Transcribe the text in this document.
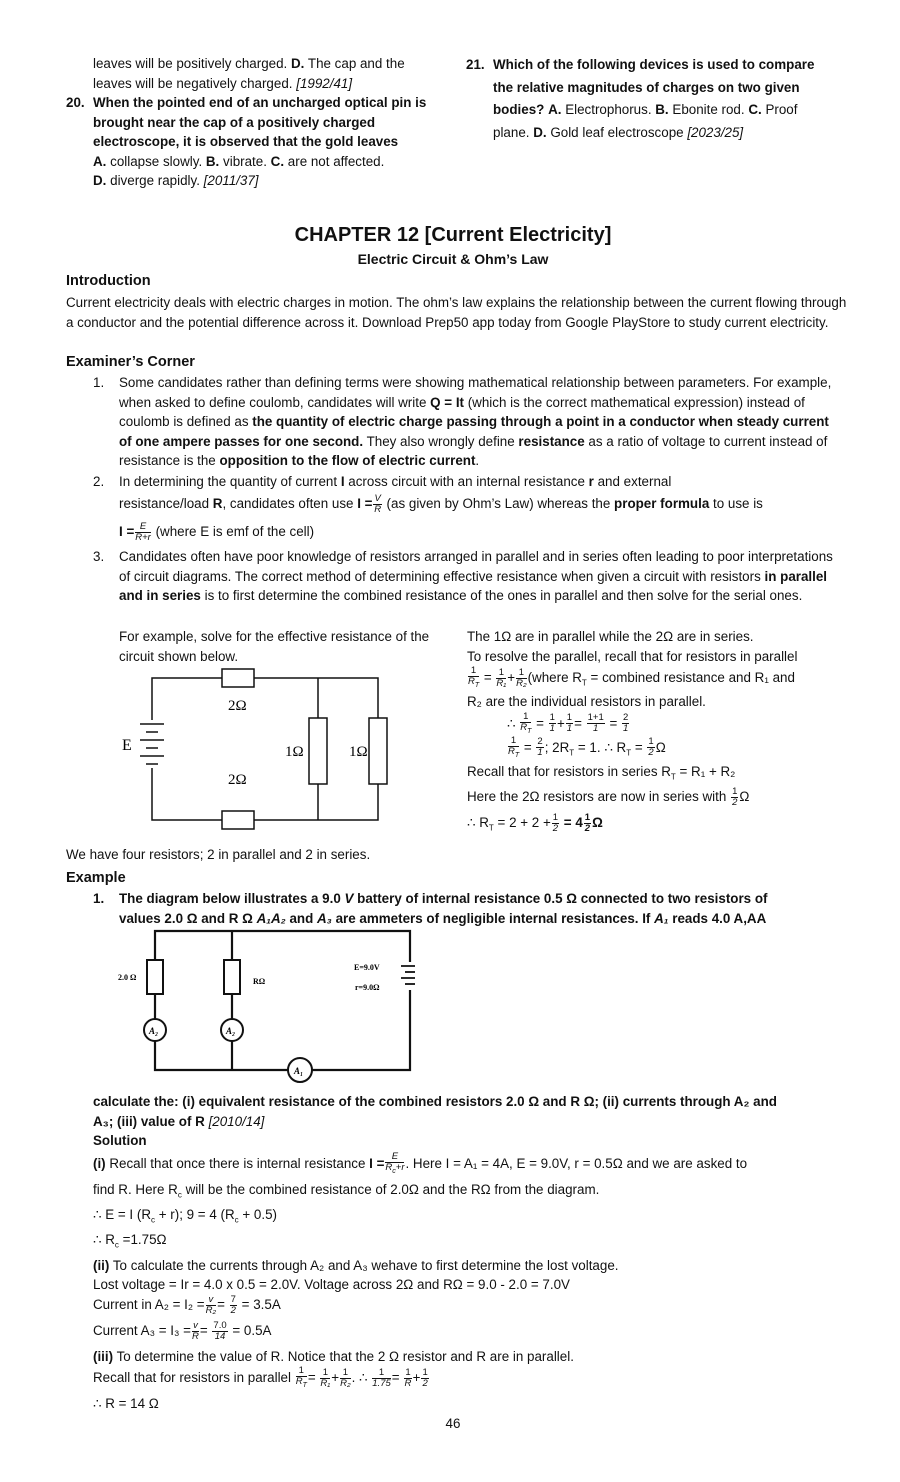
leaves will be positively charged. D. The cap and the
leaves will be negatively charged. [1992/41]

20. When the pointed end of an uncharged optical pin is brought near the cap of a positively charged electroscope, it is observed that the gold leaves
A. collapse slowly. B. vibrate. C. are not affected.
D. diverge rapidly. [2011/37]

21. Which of the following devices is used to compare the relative magnitudes of charges on two given bodies? A. Electrophorus. B. Ebonite rod. C. Proof plane. D. Gold leaf electroscope [2023/25]

CHAPTER 12 [Current Electricity]
Electric Circuit & Ohm’s Law
Introduction
Current electricity deals with electric charges in motion. The ohm’s law explains the relationship between the current flowing through a conductor and the potential difference across it. Download Prep50 app today from Google PlayStore to study current electricity.
Examiner’s Corner
1.	Some candidates rather than defining terms were showing mathematical relationship between parameters. For example, when asked to define coulomb, candidates will write Q = It (which is the correct mathematical expression) instead of coulomb is defined as the quantity of electric charge passing through a point in a conductor when steady current of one ampere passes for one second. They also wrongly define resistance as a ratio of voltage to current instead of resistance is the opposition to the flow of electric current.

2. In determining the quantity of current I across circuit with an internal resistance r and external
resistance/load R, candidates often use $I = \frac{V}{R} (as$ given by Ohm’s Law) whereas the proper formula to use is
$I = \frac{E}{R+r}$ (where E is emf of the cell)
3.	Candidates often have poor knowledge of resistors arranged in parallel and in series often leading to poor interpretations of circuit diagrams. The correct method of determining effective resistance when given a circuit with resistors in parallel and in series is to first determine the combined resistance of the ones in parallel and then solve for the serial ones.

For example, solve for the effective resistance of the circuit shown below.
E
2Ω
2Ω
1Ω	1Ω
We have four resistors; 2 in parallel and 2 in series.
The 1Ω are in parallel while the 2Ω are in series.
To resolve the parallel, recall that for resistors in parallel
$\frac{1}{R_T} = \frac{1}{\text{R₁}} + \frac{1}{\text{R₂}}$ (where $R_T$ = combined resistance and R₁ and
R₂ are the individual resistors in parallel.
∴ $\frac{1}{R_T} = \frac{1}{1} + \frac{1}{1} = \frac{1+1}{1} = \frac{2}{1}$
$\frac{1}{R_T} = \frac{2}{1}$ ; $2R_T = 1$. ∴ $R_T = \frac{1}{2}$ Ω
Recall that for resistors in series $R_T = R_1 + R_2$
Here the 2Ω resistors are now in series with $\frac{1}{2}$ Ω
∴ $R_T = 2 + 2 + \frac{1}{2} = 4 \frac{1}{2}$ Ω
Example
1.	The diagram below illustrates a 9.0 V battery of internal resistance 0.5 Ω connected to two resistors of
values 2.0 Ω and R Ω A₁A₂ and A₃ are ammeters of negligible internal resistances. If A₁ reads 4.0 A,AA
2.0 Ω	RΩ
E=9.0V
r=9.0Ω
A₂	A₂
A₁
calculate the: (i) equivalent resistance of the combined resistors 2.0 Ω and R Ω; (ii) currents through A₂ and
A₃; (iii) value of R [2010/14]
Solution
(i) Recall that once there is internal resistance $I = \frac{E}{R_c+r}$ . Here I = A₁ = 4A, E = 9.0V, r = 0.5Ω and we are asked to
find R. Here $R_c$ will be the combined resistance of 2.0Ω and the RΩ from the diagram.
∴ E = I $(R_c + r)$; 9 = 4 $(R_c + 0.5)$
∴ $R_c =1.75\Omega$
(ii) To calculate the currents through A₂ and A₃ wehave to first determine the lost voltage.
Lost voltage = Ir = 4.0 x 0.5 = 2.0V. Voltage across 2Ω and RΩ = 9.0 - 2.0 = 7.0V
Current in $A_2 = I_2 = \frac{v}{\text{R₂}} = \frac{7}{2} = 3.5A$
Current $A_3 = I_3 = \frac{v}{R} = \frac{7.0}{14} = 0.5A$
(iii) To determine the value of R. Notice that the 2 Ω resistor and R are in parallel.
Recall that for resistors in parallel $\frac{1}{R_T} = \frac{1}{\text{R₁}} + \frac{1}{\text{R₂}}$ . ∴ $\frac{1}{1.75} = \frac{1}{R} + \frac{1}{2}$
∴ R = 14 Ω
46
